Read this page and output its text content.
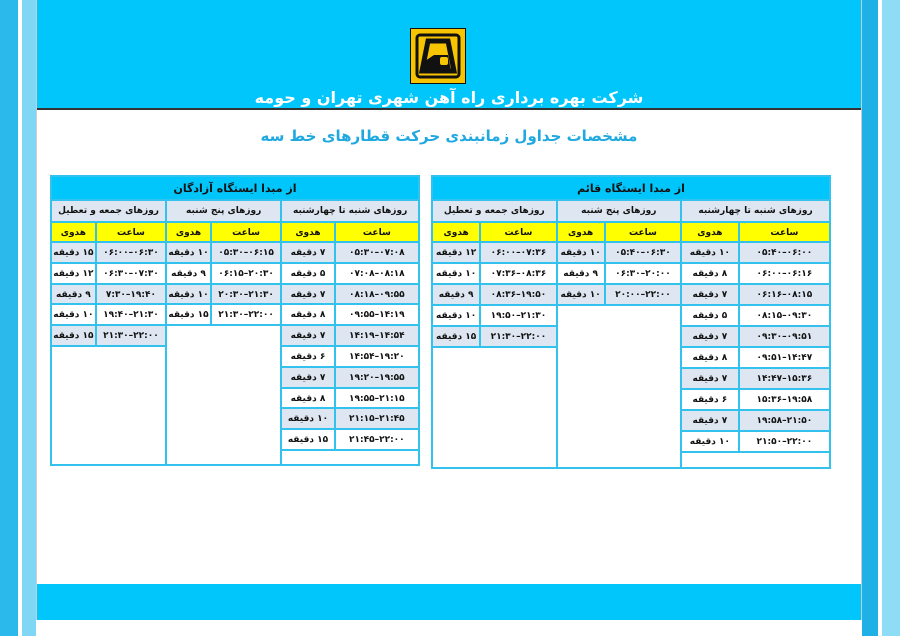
شرکت بهره برداری راه آهن شهری تهران و حومه
مشخصات جداول زمانبندی حرکت قطارهای خط سه
از مبدا ایستگاه قائم
روزهای شنبه تا چهارشنبه
ساعت
هدوی
۰۵:۴۰–۰۶:۰۰
۱۰ دقیقه
۰۶:۰۰–۰۶:۱۶
۸ دقیقه
۰۶:۱۶–۰۸:۱۵
۷ دقیقه
۰۸:۱۵–۰۹:۳۰
۵ دقیقه
۰۹:۳۰–۰۹:۵۱
۷ دقیقه
۰۹:۵۱–۱۴:۴۷
۸ دقیقه
۱۴:۴۷–۱۵:۳۶
۷ دقیقه
۱۵:۳۶–۱۹:۵۸
۶ دقیقه
۱۹:۵۸–۲۱:۵۰
۷ دقیقه
۲۱:۵۰–۲۲:۰۰
۱۰ دقیقه
روزهای پنج شنبه
ساعت
هدوی
۰۵:۴۰–۰۶:۳۰
۱۰ دقیقه
۰۶:۳۰–۲۰:۰۰
۹ دقیقه
۲۰:۰۰–۲۲:۰۰
۱۰ دقیقه
روزهای جمعه و تعطیل
ساعت
هدوی
۰۶:۰۰–۰۷:۳۶
۱۲ دقیقه
۰۷:۳۶–۰۸:۳۶
۱۰ دقیقه
۰۸:۳۶–۱۹:۵۰
۹ دقیقه
۱۹:۵۰–۲۱:۳۰
۱۰ دقیقه
۲۱:۳۰–۲۲:۰۰
۱۵ دقیقه
از مبدا ایستگاه آزادگان
روزهای شنبه تا چهارشنبه
ساعت
هدوی
۰۵:۳۰–۰۷:۰۸
۷ دقیقه
۰۷:۰۸–۰۸:۱۸
۵ دقیقه
۰۸:۱۸–۰۹:۵۵
۷ دقیقه
۰۹:۵۵–۱۴:۱۹
۸ دقیقه
۱۴:۱۹–۱۴:۵۴
۷ دقیقه
۱۴:۵۴–۱۹:۲۰
۶ دقیقه
۱۹:۲۰–۱۹:۵۵
۷ دقیقه
۱۹:۵۵–۲۱:۱۵
۸ دقیقه
۲۱:۱۵–۲۱:۴۵
۱۰ دقیقه
۲۱:۴۵–۲۲:۰۰
۱۵ دقیقه
روزهای پنج شنبه
ساعت
هدوی
۰۵:۳۰–۰۶:۱۵
۱۰ دقیقه
۰۶:۱۵–۲۰:۳۰
۹ دقیقه
۲۰:۳۰–۲۱:۳۰
۱۰ دقیقه
۲۱:۳۰–۲۲:۰۰
۱۵ دقیقه
روزهای جمعه و تعطیل
ساعت
هدوی
۰۶:۰۰–۰۶:۳۰
۱۵ دقیقه
۰۶:۳۰–۰۷:۳۰
۱۲ دقیقه
۷:۳۰–۱۹:۴۰
۹ دقیقه
۱۹:۴۰–۲۱:۳۰
۱۰ دقیقه
۲۱:۳۰–۲۲:۰۰
۱۵ دقیقه
